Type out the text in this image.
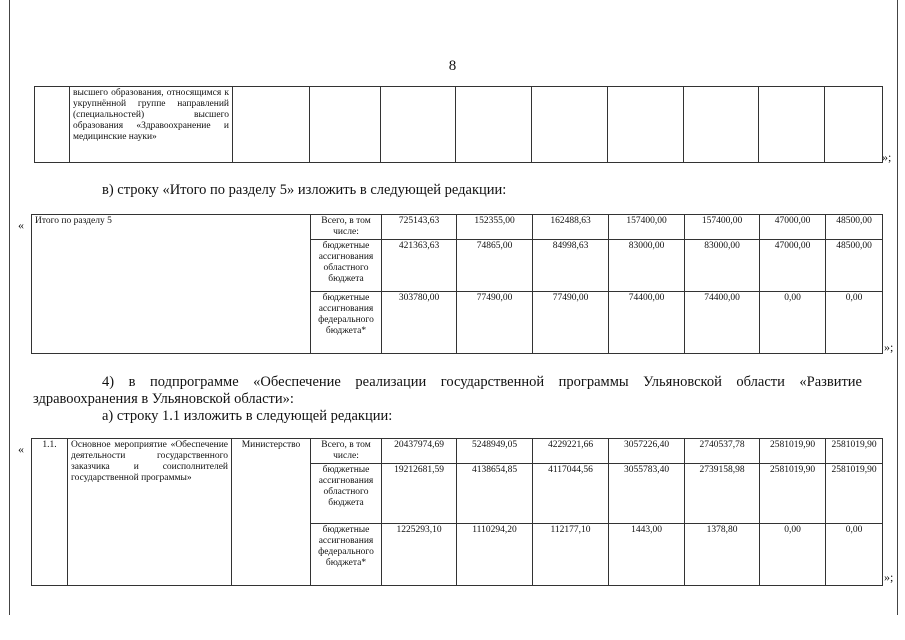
8
	высшего образования, относящимся к укрупнённой группе направлений (специальностей) высшего образования «Здравоохранение и медицинские науки»									
»;
в) строку «Итого по разделу 5» изложить в следующей редакции:
« Итого по разделу 5	Всего, в том числе:	725143,63	152355,00	162488,63	157400,00	157400,00	47000,00	48500,00
	бюджетные ассигнования областного бюджета	421363,63	74865,00	84998,63	83000,00	83000,00	47000,00	48500,00
	бюджетные ассигнования федерального бюджета*	303780,00	77490,00	77490,00	74400,00	74400,00	0,00	0,00
»;
4) в подпрограмме «Обеспечение реализации государственной программы Ульяновской области «Развитие
здравоохранения в Ульяновской области»:
а) строку 1.1 изложить в следующей редакции:
« 1.1.	Основное мероприятие «Обеспечение деятельности государственного заказчика и соисполнителей государственной программы»	Министерство	Всего, в том числе:	20437974,69	5248949,05	4229221,66	3057226,40	2740537,78	2581019,90	2581019,90
			бюджетные ассигнования областного бюджета	19212681,59	4138654,85	4117044,56	3055783,40	2739158,98	2581019,90	2581019,90
			бюджетные ассигнования федерального бюджета*	1225293,10	1110294,20	112177,10	1443,00	1378,80	0,00	0,00
»;
